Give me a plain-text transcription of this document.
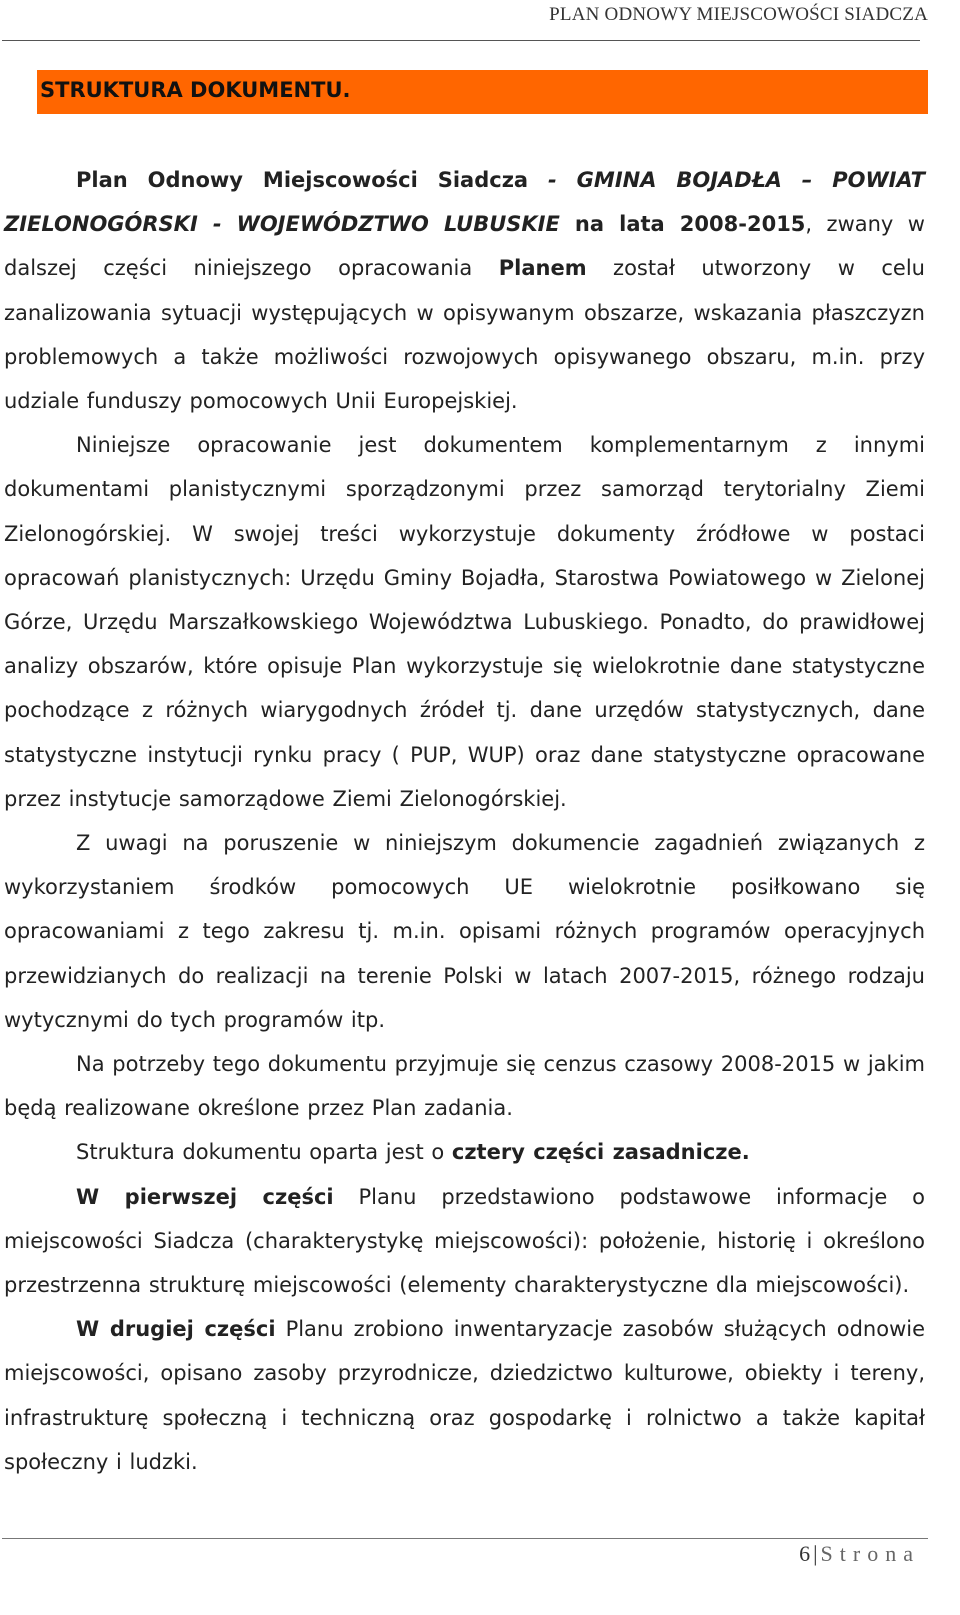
PLAN ODNOWY MIEJSCOWOŚCI SIADCZA
STRUKTURA DOKUMENTU.

Plan Odnowy Miejscowości Siadcza - GMINA BOJADŁA – POWIAT ZIELONOGÓRSKI - WOJEWÓDZTWO LUBUSKIE na lata 2008-2015, zwany w dalszej części niniejszego opracowania Planem został utworzony w celu zanalizowania sytuacji występujących w opisywanym obszarze, wskazania płaszczyzn problemowych a także możliwości rozwojowych opisywanego obszaru, m.in. przy udziale funduszy pomocowych Unii Europejskiej.

Niniejsze opracowanie jest dokumentem komplementarnym z innymi dokumentami planistycznymi sporządzonymi przez samorząd terytorialny Ziemi Zielonogórskiej. W swojej treści wykorzystuje dokumenty źródłowe w postaci opracowań planistycznych: Urzędu Gminy Bojadła, Starostwa Powiatowego w Zielonej Górze, Urzędu Marszałkowskiego Województwa Lubuskiego. Ponadto, do prawidłowej analizy obszarów, które opisuje Plan wykorzystuje się wielokrotnie dane statystyczne pochodzące z różnych wiarygodnych źródeł tj. dane urzędów statystycznych, dane statystyczne instytucji rynku pracy ( PUP, WUP) oraz dane statystyczne opracowane przez instytucje samorządowe Ziemi Zielonogórskiej.

Z uwagi na poruszenie w niniejszym dokumencie zagadnień związanych z wykorzystaniem środków pomocowych UE wielokrotnie posiłkowano się opracowaniami z tego zakresu tj. m.in. opisami różnych programów operacyjnych przewidzianych do realizacji na terenie Polski w latach 2007-2015, różnego rodzaju wytycznymi do tych programów itp.

Na potrzeby tego dokumentu przyjmuje się cenzus czasowy 2008-2015 w jakim będą realizowane określone przez Plan zadania.

Struktura dokumentu oparta jest o cztery części zasadnicze.

W pierwszej części Planu przedstawiono podstawowe informacje o miejscowości Siadcza (charakterystykę miejscowości): położenie, historię i określono przestrzenna strukturę miejscowości (elementy charakterystyczne dla miejscowości).

W drugiej części Planu zrobiono inwentaryzacje zasobów służących odnowie miejscowości, opisano zasoby przyrodnicze, dziedzictwo kulturowe, obiekty i tereny, infrastrukturę społeczną i techniczną oraz gospodarkę i rolnictwo a także kapitał społeczny i ludzki.

6 | Strona
